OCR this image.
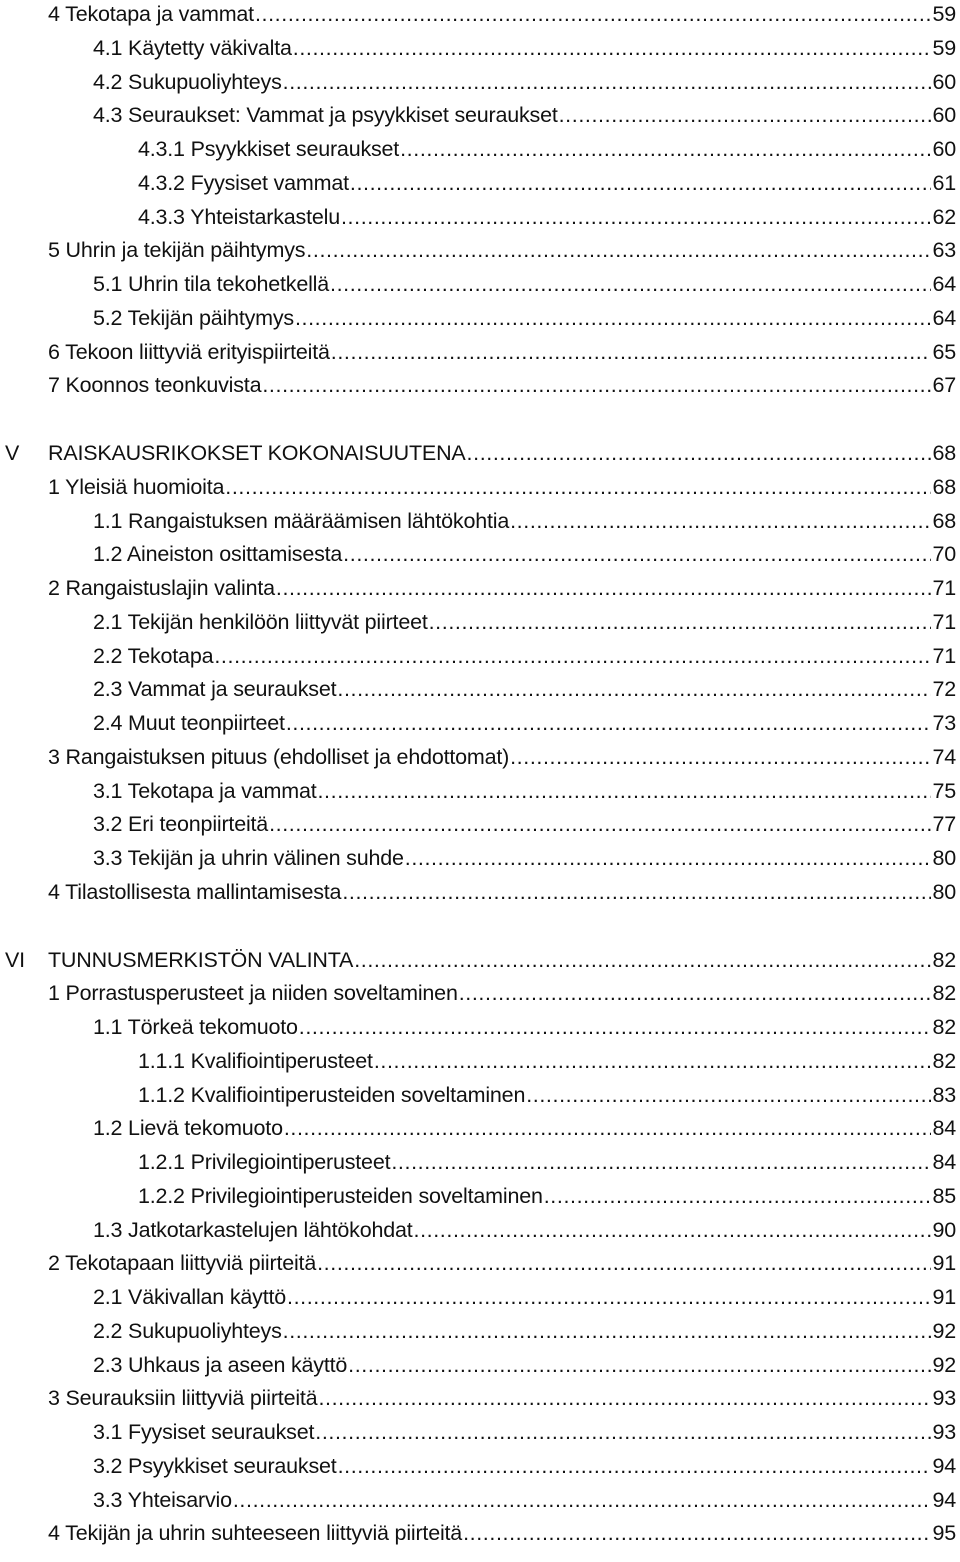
4 Tekotapa ja vammat .....	59
4.1 Käytetty väkivalta .....	59
4.2 Sukupuoliyhteys .....	60
4.3 Seuraukset: Vammat ja psyykkiset seuraukset .....	60
4.3.1 Psyykkiset seuraukset .....	60
4.3.2 Fyysiset vammat .....	61
4.3.3 Yhteistarkastelu .....	62
5 Uhrin ja tekijän päihtymys .....	63
5.1 Uhrin tila tekohetkellä .....	64
5.2 Tekijän päihtymys .....	64
6 Tekoon liittyviä erityispiirteitä .....	65
7 Koonnos teonkuvista .....	67
V RAISKAUSRIKOKSET KOKONAISUUTENA .....	68
1 Yleisiä huomioita .....	68
1.1 Rangaistuksen määräämisen lähtökohtia .....	68
1.2 Aineiston osittamisesta .....	70
2 Rangaistuslajin valinta .....	71
2.1 Tekijän henkilöön liittyvät piirteet .....	71
2.2 Tekotapa .....	71
2.3 Vammat ja seuraukset .....	72
2.4 Muut teonpiirteet .....	73
3 Rangaistuksen pituus (ehdolliset ja ehdottomat) .....	74
3.1 Tekotapa ja vammat .....	75
3.2 Eri teonpiirteitä .....	77
3.3 Tekijän ja uhrin välinen suhde .....	80
4 Tilastollisesta mallintamisesta .....	80
VI TUNNUSMERKISTÖN VALINTA .....	82
1 Porrastusperusteet ja niiden soveltaminen .....	82
1.1 Törkeä tekomuoto .....	82
1.1.1 Kvalifiointiperusteet .....	82
1.1.2 Kvalifiointiperusteiden soveltaminen .....	83
1.2 Lievä tekomuoto .....	84
1.2.1 Privilegiointiperusteet .....	84
1.2.2 Privilegiointiperusteiden soveltaminen .....	85
1.3 Jatkotarkastelujen lähtökohdat .....	90
2 Tekotapaan liittyviä piirteitä .....	91
2.1 Väkivallan käyttö .....	91
2.2 Sukupuoliyhteys .....	92
2.3 Uhkaus ja aseen käyttö .....	92
3 Seurauksiin liittyviä piirteitä .....	93
3.1 Fyysiset seuraukset .....	93
3.2 Psyykkiset seuraukset .....	94
3.3 Yhteisarvio .....	94
4 Tekijän ja uhrin suhteeseen liittyviä piirteitä .....	95
